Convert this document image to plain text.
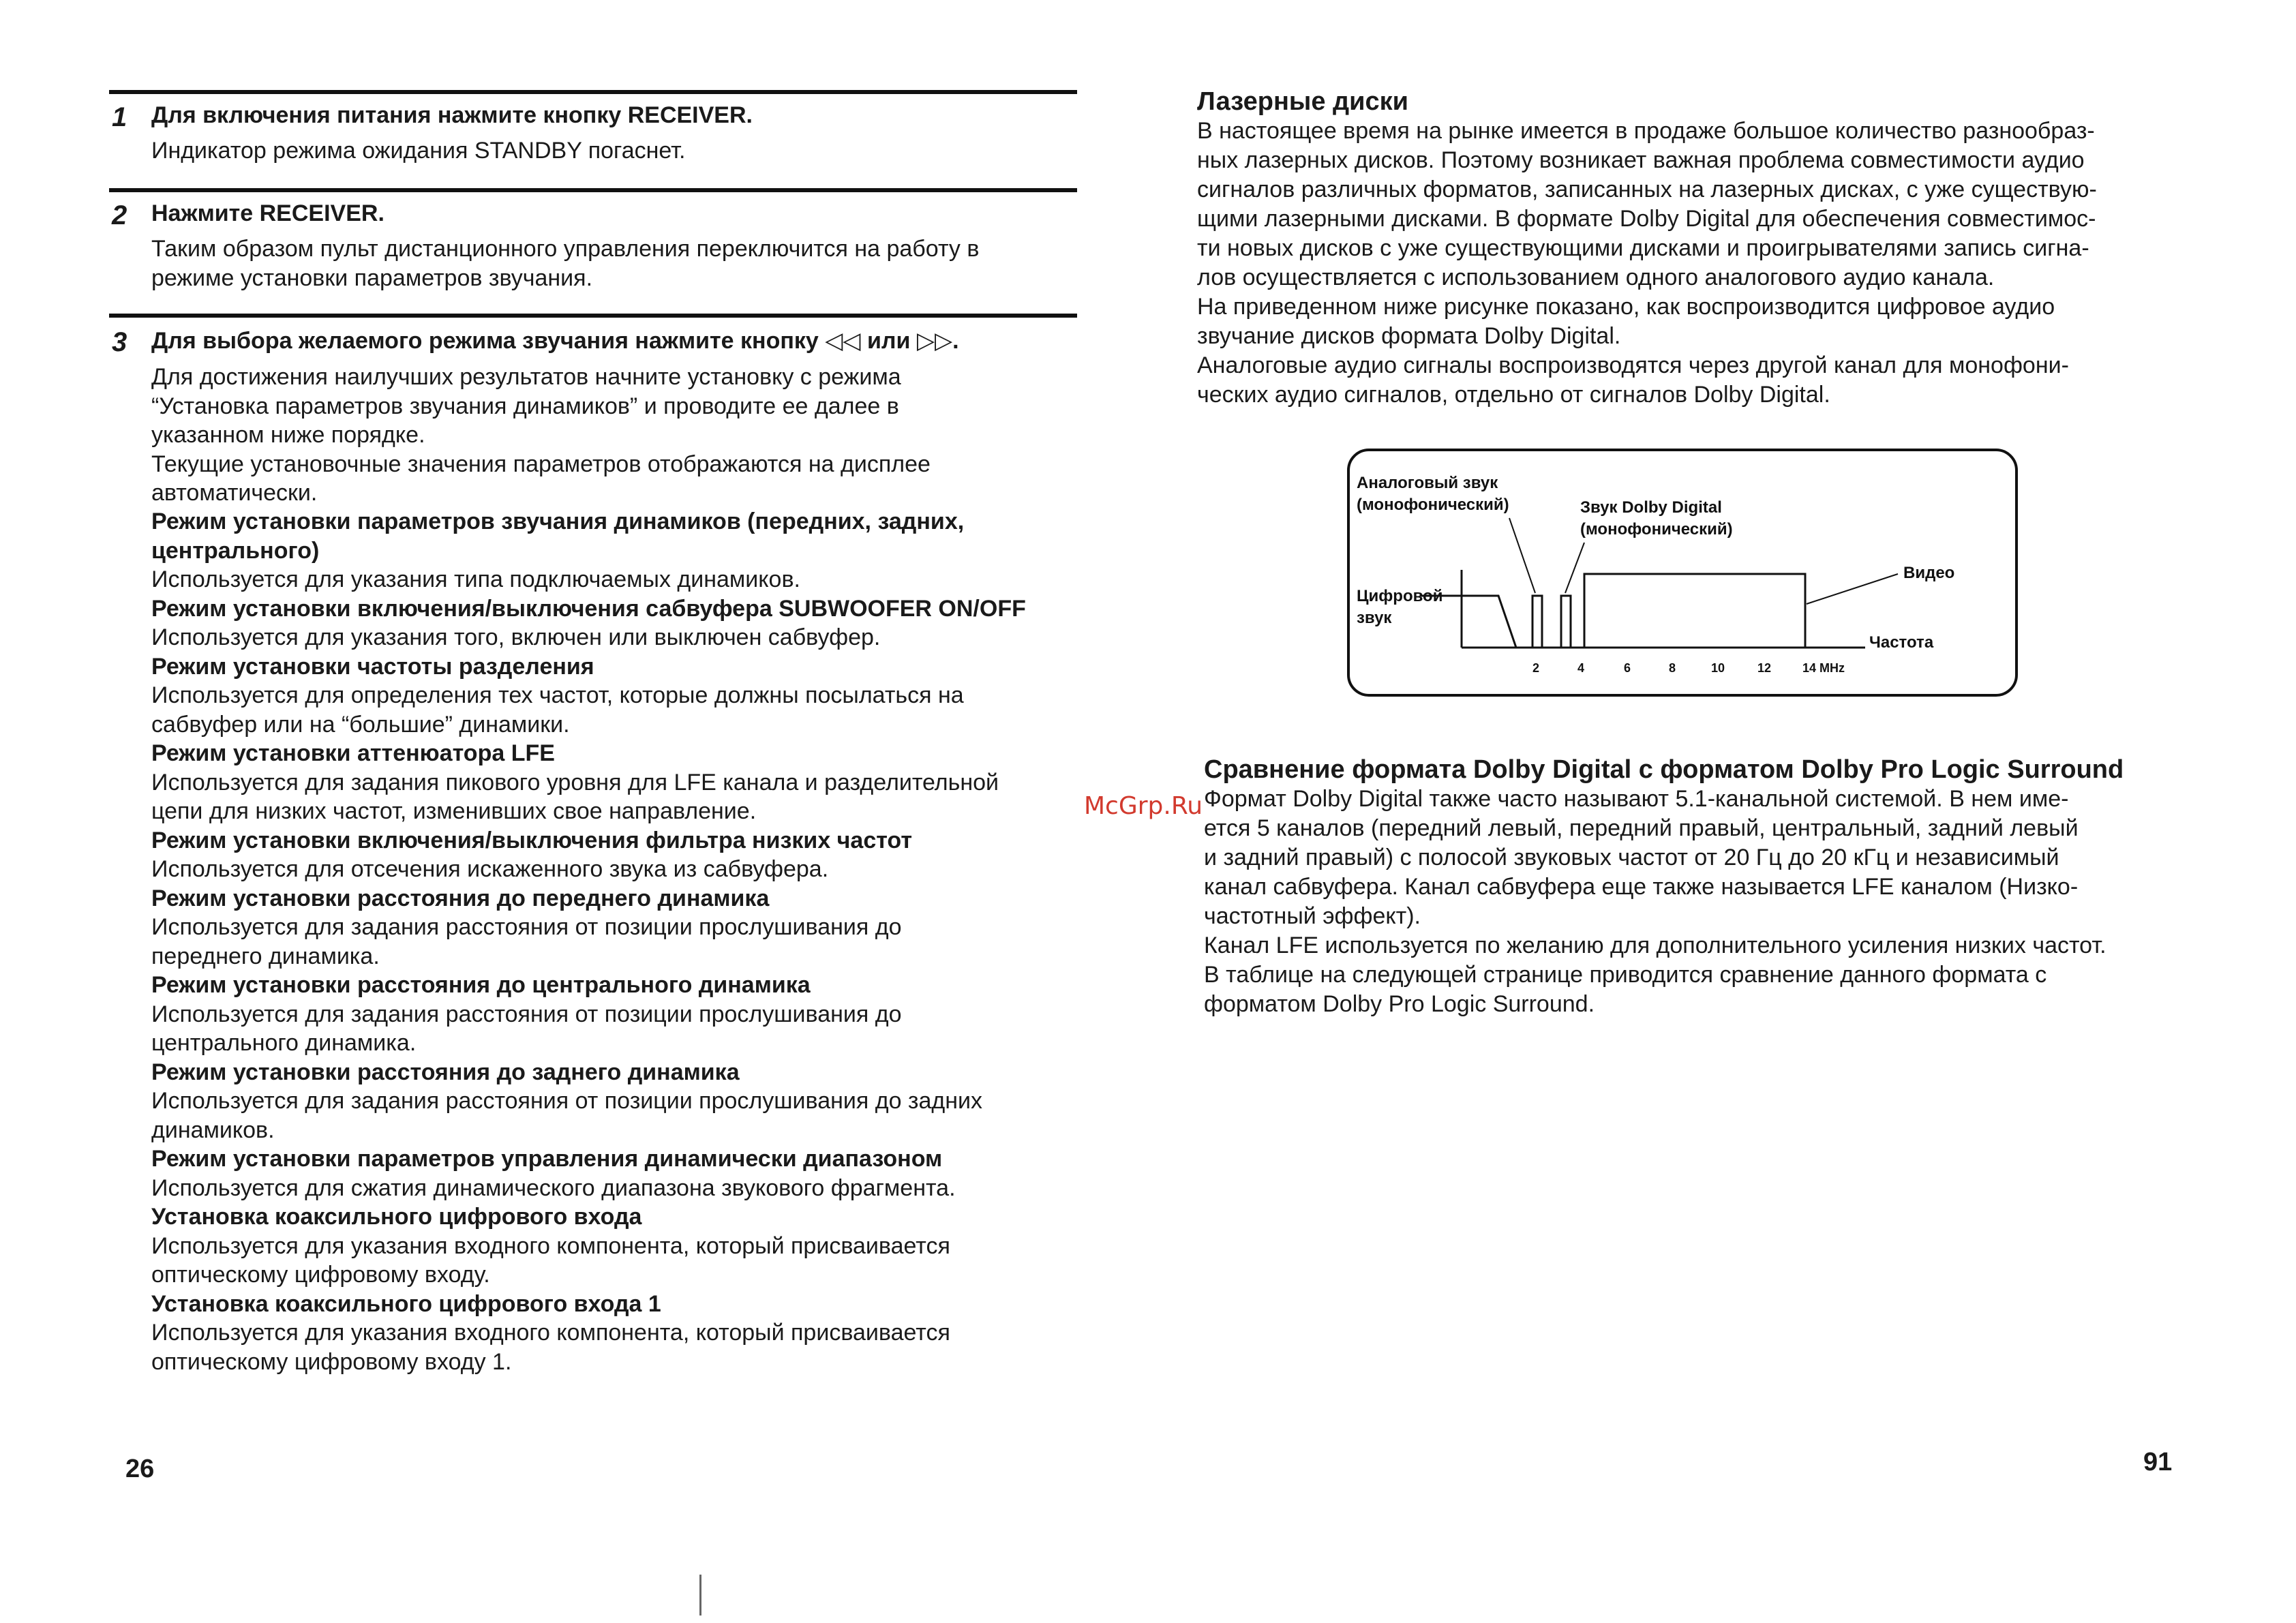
1 Для включения питания нажмите кнопку RECEIVER.
Индикатор режима ожидания STANDBY погаснет.
2 Нажмите RECEIVER.
Таким образом пульт дистанционного управления переключится на работу в
режиме установки параметров звучания.
3 Для выбора желаемого режима звучания нажмите кнопку ◁◁ или ▷▷.
Для достижения наилучших результатов начните установку с режима
“Установка параметров звучания динамиков” и проводите ее далее в
указанном ниже порядке.
Текущие установочные значения параметров отображаются на дисплее
автоматически.
Режим установки параметров звучания динамиков (передних, задних,
центрального)
Используется для указания типа подключаемых динамиков.
Режим установки включения/выключения сабвуфера SUBWOOFER ON/OFF
Используется для указания того, включен или выключен сабвуфер.
Режим установки частоты разделения
Используется для определения тех частот, которые должны посылаться на
сабвуфер или на “большие” динамики.
Режим установки аттенюатора LFE
Используется для задания пикового уровня для LFE канала и разделительной
цепи для низких частот, изменивших свое направление.
Режим установки включения/выключения фильтра низких частот
Используется для отсечения искаженного звука из сабвуфера.
Режим установки расстояния до переднего динамика
Используется для задания расстояния от позиции прослушивания до
переднего динамика.
Режим установки расстояния до центрального динамика
Используется для задания расстояния от позиции прослушивания до
центрального динамика.
Режим установки расстояния до заднего динамика
Используется для задания расстояния от позиции прослушивания до задних
динамиков.
Режим установки параметров управления динамически диапазоном
Используется для сжатия динамического диапазона звукового фрагмента.
Установка коаксильного цифрового входа
Используется для указания входного компонента, который присваивается
оптическому цифровому входу.
Установка коаксильного цифрового входа 1
Используется для указания входного компонента, который присваивается
оптическому цифровому входу 1.
26
Лазерные диски
В настоящее время на рынке имеется в продаже большое количество разнообраз-
ных лазерных дисков. Поэтому возникает важная проблема совместимости аудио
сигналов различных форматов, записанных на лазерных дисках, с уже существую-
щими лазерными дисками. В формате Dolby Digital для обеспечения совместимос-
ти новых дисков с уже существующими дисками и проигрывателями запись сигна-
лов осуществляется с использованием одного аналогового аудио канала.
На приведенном ниже рисунке показано, как воспроизводится цифровое аудио
звучание дисков формата Dolby Digital.
Аналоговые аудио сигналы воспроизводятся через другой канал для монофони-
ческих аудио сигналов, отдельно от сигналов Dolby Digital.
Аналоговый звук
(монофонический)	Звук Dolby Digital
(монофонический)
Цифровой
звук
Видео
Частота
2	4	6	8	10	12	14 MHz
Сравнение формата Dolby Digital с форматом Dolby Pro Logic Surround
Формат Dolby Digital также часто называют 5.1-канальной системой. В нем име-
ется 5 каналов (передний левый, передний правый, центральный, задний левый
и задний правый) с полосой звуковых частот от 20 Гц до 20 кГц и независимый
канал сабвуфера. Канал сабвуфера еще также называется LFE каналом (Низко-
частотный эффект).
Канал LFE используется по желанию для дополнительного усиления низких частот.
В таблице на следующей странице приводится сравнение данного формата с
форматом Dolby Pro Logic Surround.
McGrp.Ru
91
